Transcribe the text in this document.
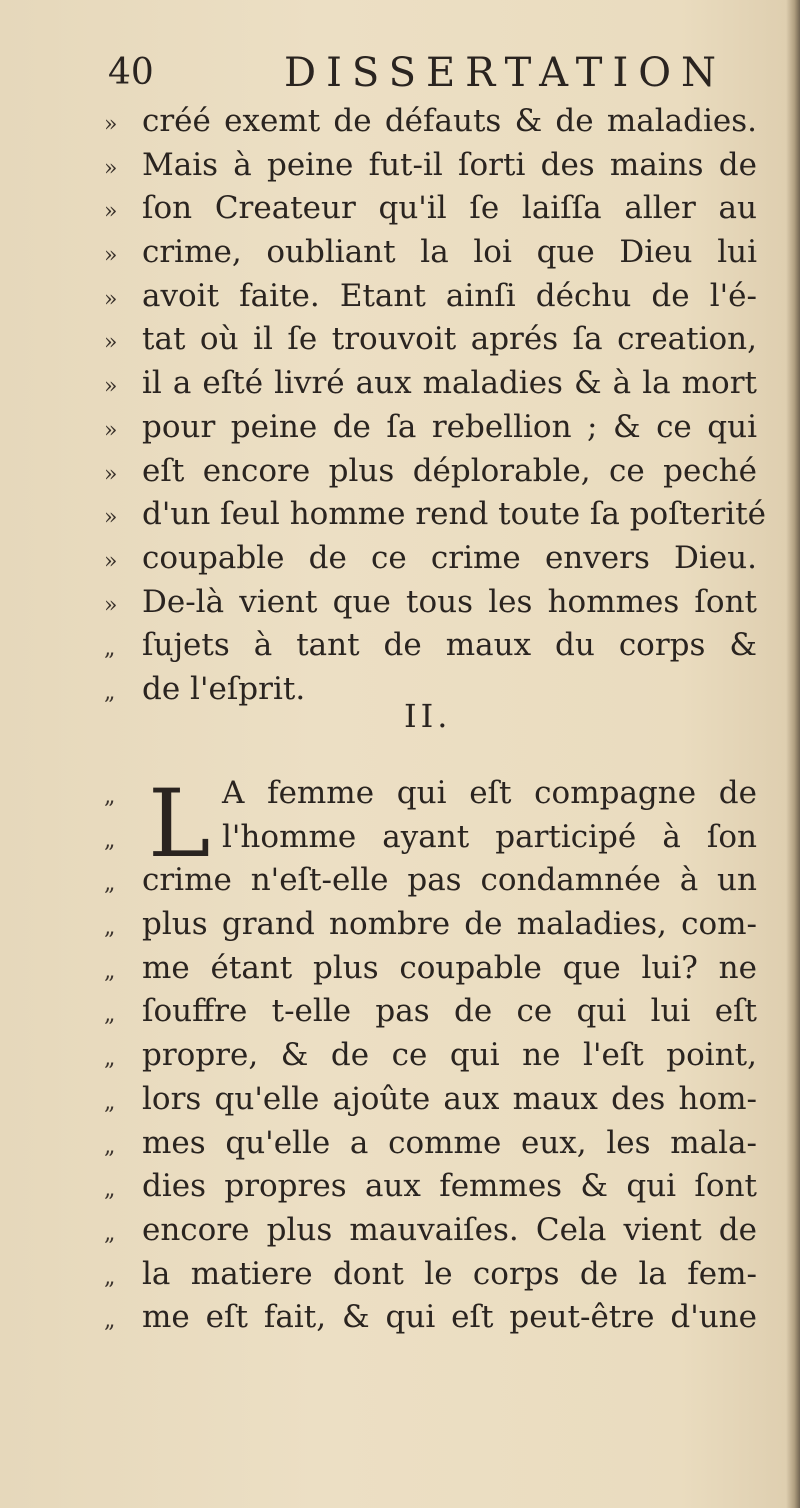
40	DISSERTATION
» créé exemt de défauts & de maladies.
» Mais à peine fut-il ſorti des mains de
» ſon Createur qu'il ſe laiſſa aller au
» crime, oubliant la loi que Dieu lui
» avoit faite. Etant ainſi déchu de l'é-
» tat où il ſe trouvoit aprés ſa creation,
» il a eſté livré aux maladies & à la mort
» pour peine de ſa rebellion ; & ce qui
» eſt encore plus déplorable, ce peché
» d'un ſeul homme rend toute ſa poſterité
» coupable de ce crime envers Dieu.
» De-là vient que tous les hommes ſont
„ ſujets à tant de maux du corps &
„ de l'eſprit.
II.
L
„	A femme qui eſt compagne de
„	l'homme ayant participé à ſon
„ crime n'eſt-elle pas condamnée à un
„ plus grand nombre de maladies, com-
„ me étant plus coupable que lui? ne
„ ſouffre t-elle pas de ce qui lui eſt
„ propre, & de ce qui ne l'eſt point,
„ lors qu'elle ajoûte aux maux des hom-
„ mes qu'elle a comme eux, les mala-
„ dies propres aux femmes & qui ſont
„ encore plus mauvaiſes. Cela vient de
„ la matiere dont le corps de la fem-
„ me eſt fait, & qui eſt peut-être d'une
